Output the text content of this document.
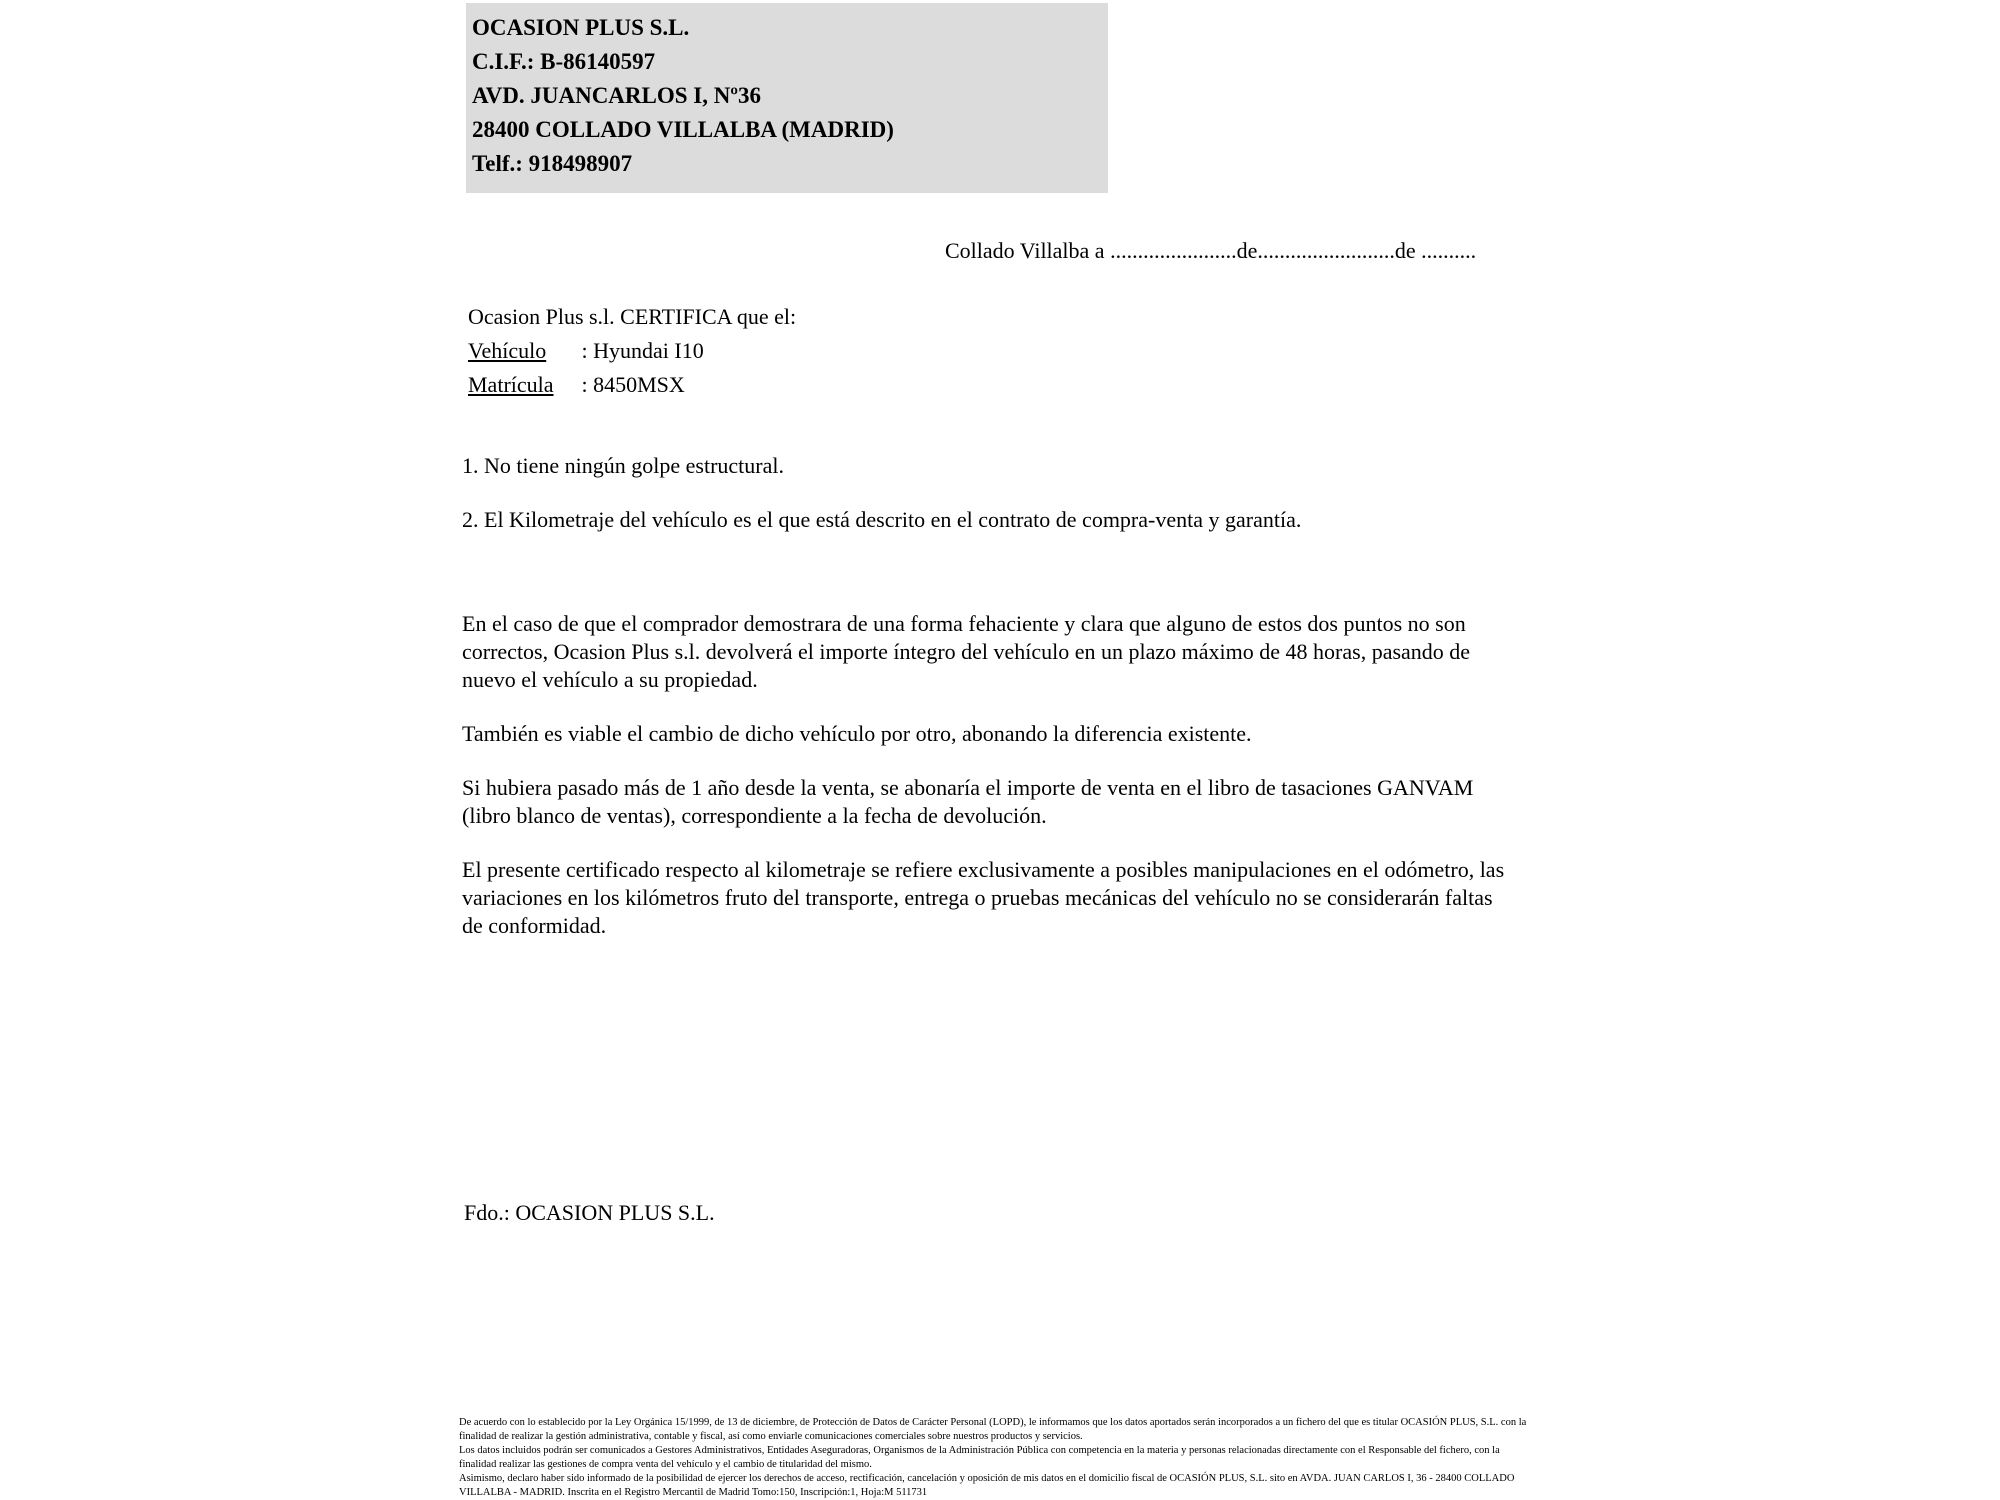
OCASION PLUS S.L.
C.I.F.: B-86140597
AVD. JUANCARLOS I, Nº36
28400 COLLADO VILLALBA (MADRID)
Telf.: 918498907
Collado Villalba a .......................de.........................de ..........
Ocasion Plus s.l. CERTIFICA que el:
Vehículo : Hyundai I10
Matrícula : 8450MSX

1. No tiene ningún golpe estructural.

2. El Kilometraje del vehículo es el que está descrito en el contrato de compra-venta y garantía.

En el caso de que el comprador demostrara de una forma fehaciente y clara que alguno de estos dos puntos no son correctos, Ocasion Plus s.l. devolverá el importe íntegro del vehículo en un plazo máximo de 48 horas, pasando de nuevo el vehículo a su propiedad.

También es viable el cambio de dicho vehículo por otro, abonando la diferencia existente.

Si hubiera pasado más de 1 año desde la venta, se abonaría el importe de venta en el libro de tasaciones GANVAM (libro blanco de ventas), correspondiente a la fecha de devolución.

El presente certificado respecto al kilometraje se refiere exclusivamente a posibles manipulaciones en el odómetro, las variaciones en los kilómetros fruto del transporte, entrega o pruebas mecánicas del vehículo no se considerarán faltas de conformidad.

Fdo.: OCASION PLUS S.L.

De acuerdo con lo establecido por la Ley Orgánica 15/1999, de 13 de diciembre, de Protección de Datos de Carácter Personal (LOPD), le informamos que los datos aportados serán incorporados a un fichero del que es titular OCASIÓN PLUS, S.L. con la finalidad de realizar la gestión administrativa, contable y fiscal, así como enviarle comunicaciones comerciales sobre nuestros productos y servicios.

Los datos incluidos podrán ser comunicados a Gestores Administrativos, Entidades Aseguradoras, Organismos de la Administración Pública con competencia en la materia y personas relacionadas directamente con el Responsable del fichero, con la finalidad realizar las gestiones de compra venta del vehículo y el cambio de titularidad del mismo.

Asimismo, declaro haber sido informado de la posibilidad de ejercer los derechos de acceso, rectificación, cancelación y oposición de mis datos en el domicilio fiscal de OCASIÓN PLUS, S.L. sito en AVDA. JUAN CARLOS I, 36 - 28400 COLLADO VILLALBA - MADRID. Inscrita en el Registro Mercantil de Madrid Tomo:150, Inscripción:1, Hoja:M 511731
